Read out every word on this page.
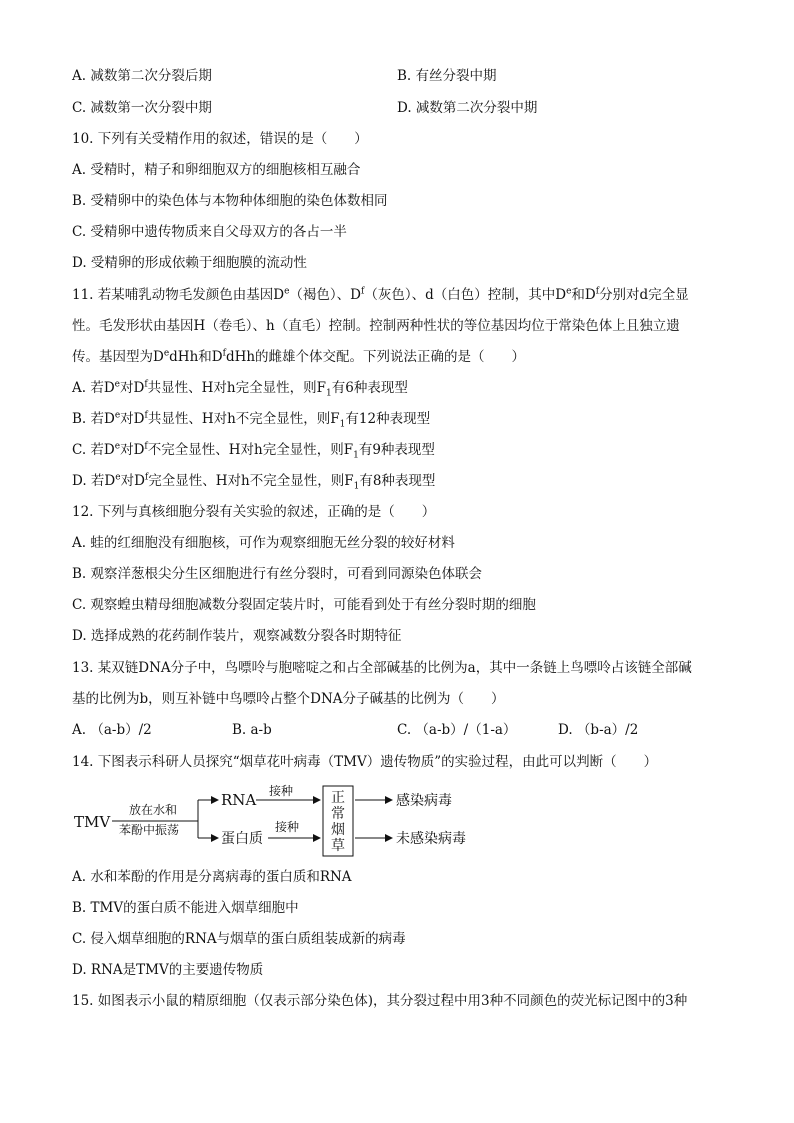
A. 减数第二次分裂后期	B. 有丝分裂中期
C. 减数第一次分裂中期	D. 减数第二次分裂中期
10. 下列有关受精作用的叙述，错误的是（　　）
A. 受精时，精子和卵细胞双方的细胞核相互融合
B. 受精卵中的染色体与本物种体细胞的染色体数相同
C. 受精卵中遗传物质来自父母双方的各占一半
D. 受精卵的形成依赖于细胞膜的流动性
11. 若某哺乳动物毛发颜色由基因De（褐色）、$D^f$（灰色）、d（白色）控制，其中De和$D^f$分别对d完全显
性。毛发形状由基因H（卷毛）、h（直毛）控制。控制两种性状的等位基因均位于常染色体上且独立遗
传。基因型为DedHh和$D^fdHh$的雌雄个体交配。下列说法正确的是（　　）
A. 若De对$D^f$共显性、H对h完全显性，则$F_1$有6种表现型
B. 若De对$D^f$共显性、H对h不完全显性，则$F_1$有12种表现型
C. 若De对$D^f$不完全显性、H对h完全显性，则$F_1$有9种表现型
D. 若De对$D^f$完全显性、H对h不完全显性，则$F_1$有8种表现型
12. 下列与真核细胞分裂有关实验的叙述，正确的是（　　）
A. 蛙的红细胞没有细胞核，可作为观察细胞无丝分裂的较好材料
B. 观察洋葱根尖分生区细胞进行有丝分裂时，可看到同源染色体联会
C. 观察蝗虫精母细胞减数分裂固定装片时，可能看到处于有丝分裂时期的细胞
D. 选择成熟的花药制作装片，观察减数分裂各时期特征
13. 某双链DNA分子中，鸟嘌呤与胞嘧啶之和占全部碱基的比例为a，其中一条链上鸟嘌呤占该链全部碱
基的比例为b，则互补链中鸟嘌呤占整个DNA分子碱基的比例为（　　）
A. （a-b）/2	B. a-b	C. （a-b）/（1-a）	D. （b-a）/2
14. 下图表示科研人员探究“烟草花叶病毒（TMV）遗传物质”的实验过程，由此可以判断（　　）
TMV
放在水和
苯酚中振荡
RNA
蛋白质
接种
接种
正
常
烟
草
感染病毒
未感染病毒
A. 水和苯酚的作用是分离病毒的蛋白质和RNA
B. TMV的蛋白质不能进入烟草细胞中
C. 侵入烟草细胞的RNA与烟草的蛋白质组装成新的病毒
D. RNA是TMV的主要遗传物质
15. 如图表示小鼠的精原细胞（仅表示部分染色体)，其分裂过程中用3种不同颜色的荧光标记图中的3种
